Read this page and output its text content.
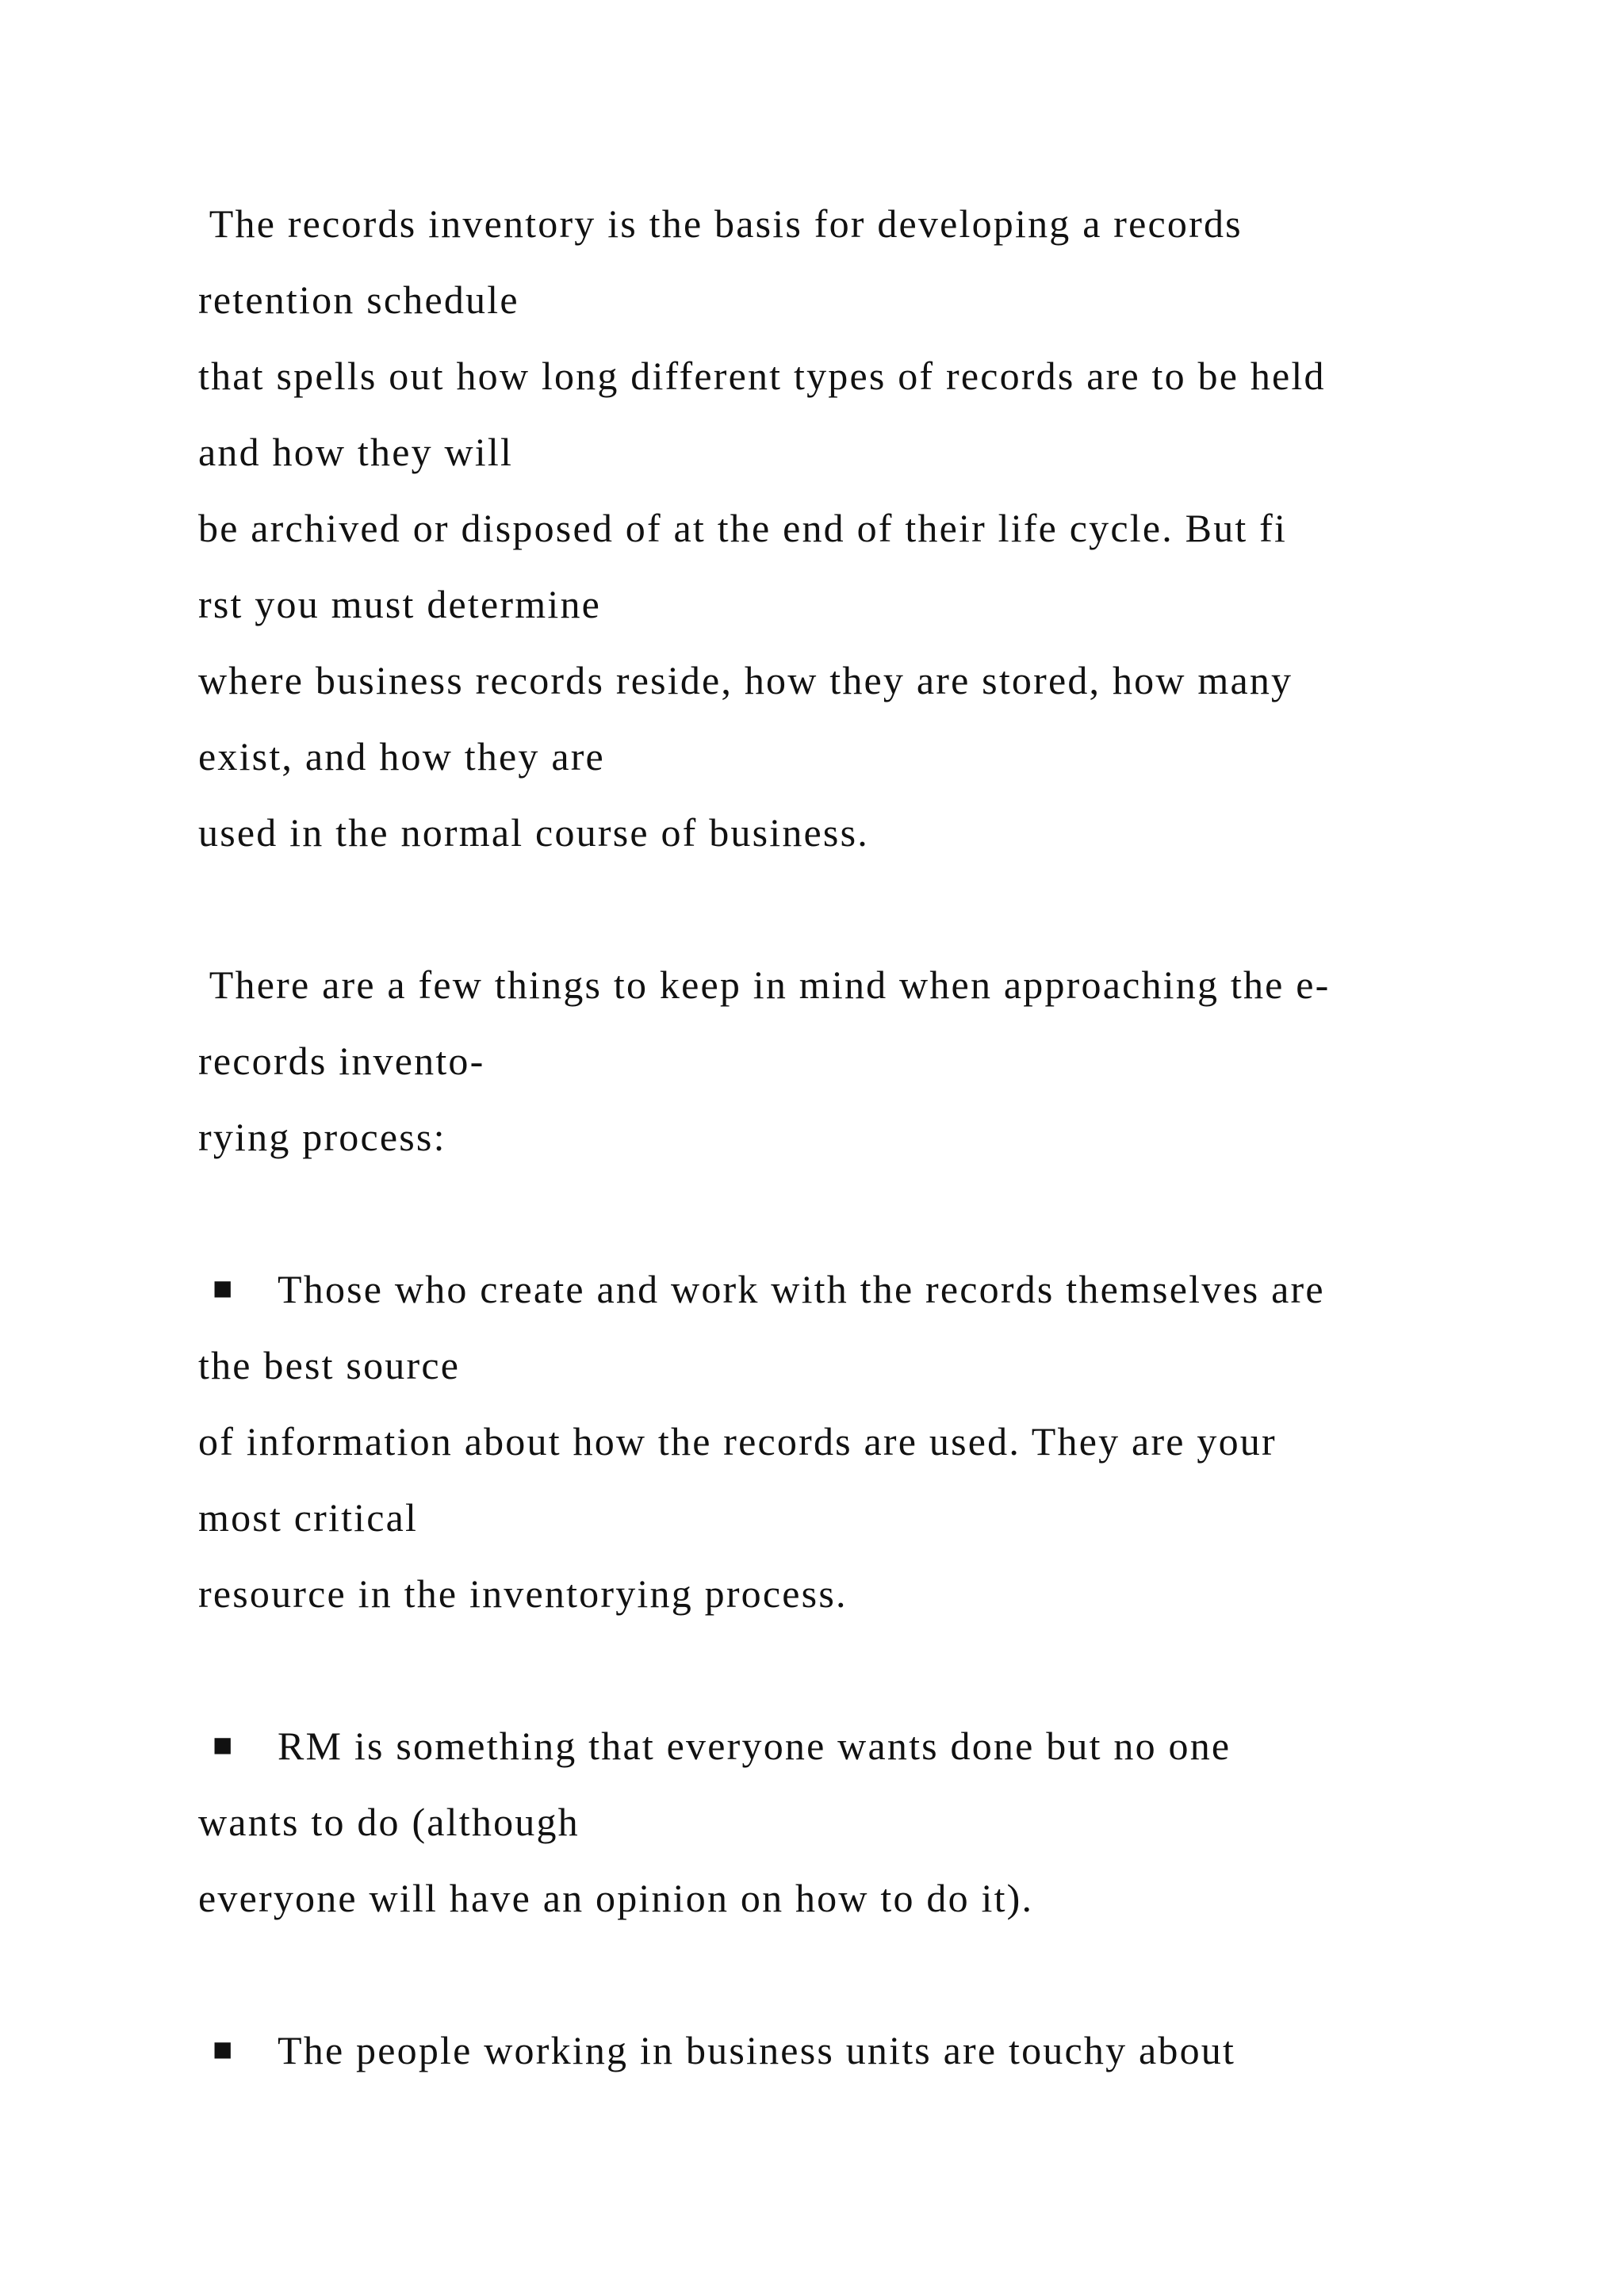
The records inventory is the basis for developing a records
retention schedule
that spells out how long different types of records are to be held
and how they will
be archived or disposed of at the end of their life cycle. But fi
rst you must determine
where business records reside, how they are stored, how many
exist, and how they are
used in the normal course of business.
There are a few things to keep in mind when approaching the e-
records invento-
rying process:
■	Those who create and work with the records themselves are
the best source
of information about how the records are used. They are your
most critical
resource in the inventorying process.
■	RM is something that everyone wants done but no one
wants to do (although
everyone will have an opinion on how to do it).
■	The people working in business units are touchy about
